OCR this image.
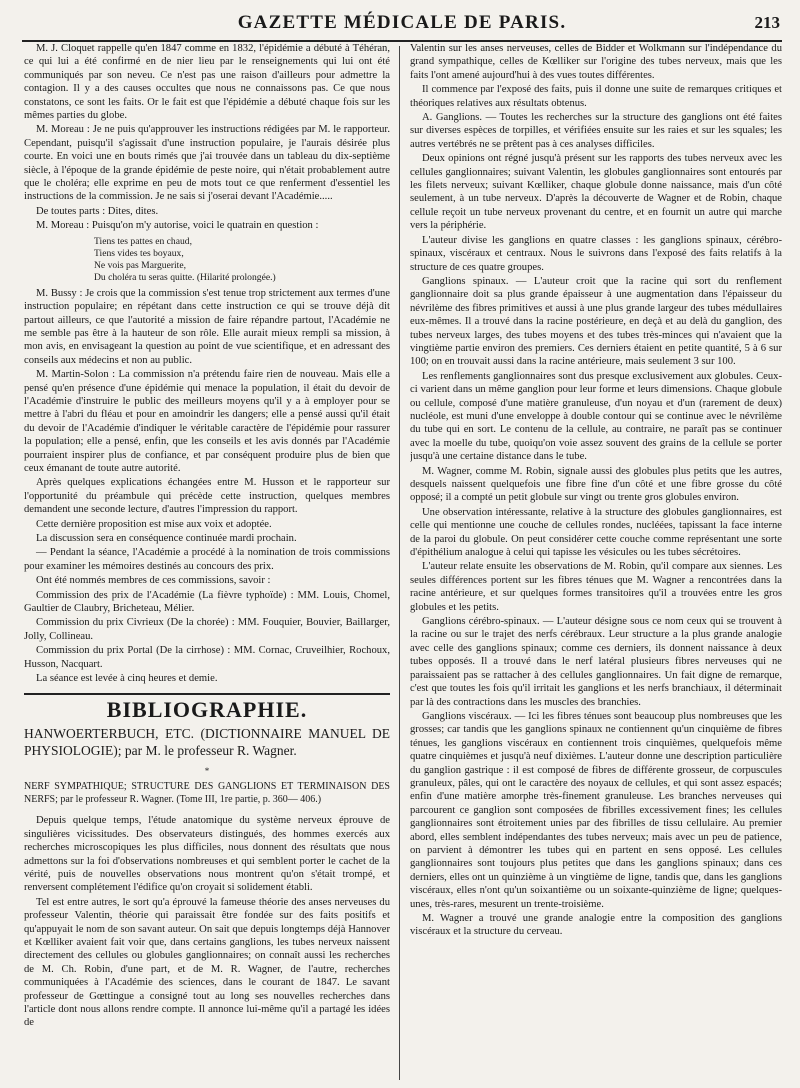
GAZETTE MÉDICALE DE PARIS.	213

M. J. Cloquet rappelle qu'en 1847 comme en 1832, l'épidémie a débuté à Téhéran, ce qui lui a été confirmé en de nier lieu par le renseignements qui lui ont été communiqués par son neveu. Ce n'est pas une raison d'ailleurs pour admettre la contagion. Il y a des causes occultes que nous ne connaissons pas. Ce que nous constatons, ce sont les faits. Or le fait est que l'épidémie a débuté chaque fois sur les mêmes parties du globe.

M. Moreau : Je ne puis qu'approuver les instructions rédigées par M. le rapporteur. Cependant, puisqu'il s'agissait d'une instruction populaire, je l'aurais désirée plus courte. En voici une en bouts rimés que j'ai trouvée dans un tableau du dix-septième siècle, à l'époque de la grande épidémie de peste noire, qui n'était probablement autre que le choléra; elle exprime en peu de mots tout ce que renferment d'essentiel les instructions de la commission. Je ne sais si j'oserai devant l'Académie.....

De toutes parts : Dites, dites.

M. Moreau : Puisqu'on m'y autorise, voici le quatrain en question :

Tiens tes pattes en chaud,
Tiens vides tes boyaux,
Ne vois pas Marguerite,
Du choléra tu seras quitte. (Hilarité prolongée.)

M. Bussy : Je crois que la commission s'est tenue trop strictement aux termes d'une instruction populaire; en répétant dans cette instruction ce qui se trouve déjà dit partout ailleurs, ce que l'autorité a mission de faire répandre partout, l'Académie ne me semble pas être à la hauteur de son rôle. Elle aurait mieux rempli sa mission, à mon avis, en envisageant la question au point de vue scientifique, et en adressant des conseils aux médecins et non au public.

M. Martin-Solon : La commission n'a prétendu faire rien de nouveau. Mais elle a pensé qu'en présence d'une épidémie qui menace la population, il était du devoir de l'Académie d'instruire le public des meilleurs moyens qu'il y a à employer pour se mettre à l'abri du fléau et pour en amoindrir les dangers; elle a pensé aussi qu'il était du devoir de l'Académie d'indiquer le véritable caractère de l'épidémie pour rassurer la population; elle a pensé, enfin, que les conseils et les avis donnés par l'Académie pourraient inspirer plus de confiance, et par conséquent produire plus de bien que ceux émanant de toute autre autorité.

Après quelques explications échangées entre M. Husson et le rapporteur sur l'opportunité du préambule qui précède cette instruction, quelques membres demandent une seconde lecture, d'autres l'impression du rapport.

Cette dernière proposition est mise aux voix et adoptée.

La discussion sera en conséquence continuée mardi prochain.

— Pendant la séance, l'Académie a procédé à la nomination de trois commissions pour examiner les mémoires destinés au concours des prix.

Ont été nommés membres de ces commissions, savoir :

Commission des prix de l'Académie (La fièvre typhoïde) : MM. Louis, Chomel, Gaultier de Claubry, Bricheteau, Mélier.

Commission du prix Civrieux (De la chorée) : MM. Fouquier, Bouvier, Baillarger, Jolly, Collineau.

Commission du prix Portal (De la cirrhose) : MM. Cornac, Cruveilhier, Rochoux, Husson, Nacquart.

La séance est levée à cinq heures et demie.

BIBLIOGRAPHIE.

HANWOERTERBUCH, ETC. (DICTIONNAIRE MANUEL DE PHYSIOLOGIE); par M. le professeur R. Wagner.

*

NERF SYMPATHIQUE; STRUCTURE DES GANGLIONS ET TERMINAISON DES NERFS; par le professeur R. Wagner. (Tome III, 1re partie, p. 360— 406.)

Depuis quelque temps, l'étude anatomique du système nerveux éprouve de singulières vicissitudes. Des observateurs distingués, des hommes exercés aux recherches microscopiques les plus difficiles, nous donnent des résultats que nous admettons sur la foi d'observations nombreuses et qui semblent porter le cachet de la vérité, puis de nouvelles observations nous montrent qu'on s'était trompé, et renversent complétement l'édifice qu'on croyait si solidement établi.

Tel est entre autres, le sort qu'a éprouvé la fameuse théorie des anses nerveuses du professeur Valentin, théorie qui paraissait être fondée sur des faits positifs et qu'appuyait le nom de son savant auteur. On sait que depuis longtemps déjà Hannover et Kœlliker avaient fait voir que, dans certains ganglions, les tubes nerveux naissent directement des cellules ou globules ganglionnaires; on connaît aussi les recherches de M. Ch. Robin, d'une part, et de M. R. Wagner, de l'autre, recherches communiquées à l'Académie des sciences, dans le courant de 1847. Le savant professeur de Gœttingue a consigné tout au long ses nouvelles recherches dans l'article dont nous allons rendre compte. Il annonce lui-même qu'il a partagé les idées de

Valentin sur les anses nerveuses, celles de Bidder et Wolkmann sur l'indépendance du grand sympathique, celles de Kœlliker sur l'origine des tubes nerveux, mais que les faits l'ont amené aujourd'hui à des vues toutes différentes.

Il commence par l'exposé des faits, puis il donne une suite de remarques critiques et théoriques relatives aux résultats obtenus.

A. Ganglions. — Toutes les recherches sur la structure des ganglions ont été faites sur diverses espèces de torpilles, et vérifiées ensuite sur les raies et sur les squales; les autres vertébrés ne se prêtent pas à ces analyses difficiles.

Deux opinions ont régné jusqu'à présent sur les rapports des tubes nerveux avec les cellules ganglionnaires; suivant Valentin, les globules ganglionnaires sont entourés par les filets nerveux; suivant Kœlliker, chaque globule donne naissance, mais d'un côté seulement, à un tube nerveux. D'après la découverte de Wagner et de Robin, chaque cellule reçoit un tube nerveux provenant du centre, et en fournit un autre qui marche vers la périphérie.

L'auteur divise les ganglions en quatre classes : les ganglions spinaux, cérébro-spinaux, viscéraux et centraux. Nous le suivrons dans l'exposé des faits relatifs à la structure de ces quatre groupes.

Ganglions spinaux. — L'auteur croit que la racine qui sort du renflement ganglionnaire doit sa plus grande épaisseur à une augmentation dans l'épaisseur du névrilème des fibres primitives et aussi à une plus grande largeur des tubes médullaires eux-mêmes. Il a trouvé dans la racine postérieure, en deçà et au delà du ganglion, des tubes nerveux larges, des tubes moyens et des tubes très-minces qui n'avaient que la vingtième partie environ des premiers. Ces derniers étaient en petite quantité, 5 à 6 sur 100; on en trouvait aussi dans la racine antérieure, mais seulement 3 sur 100.

Les renflements ganglionnaires sont dus presque exclusivement aux globules. Ceux-ci varient dans un même ganglion pour leur forme et leurs dimensions. Chaque globule ou cellule, composé d'une matière granuleuse, d'un noyau et d'un (rarement de deux) nucléole, est muni d'une enveloppe à double contour qui se continue avec le névrilème du tube qui en sort. Le contenu de la cellule, au contraire, ne paraît pas se continuer avec la moelle du tube, quoiqu'on voie assez souvent des grains de la cellule se porter jusqu'à une certaine distance dans le tube.

M. Wagner, comme M. Robin, signale aussi des globules plus petits que les autres, desquels naissent quelquefois une fibre fine d'un côté et une fibre grosse du côté opposé; il a compté un petit globule sur vingt ou trente gros globules environ.

Une observation intéressante, relative à la structure des globules ganglionnaires, est celle qui mentionne une couche de cellules rondes, nucléées, tapissant la face interne de la paroi du globule. On peut considérer cette couche comme représentant une sorte d'épithélium analogue à celui qui tapisse les vésicules ou les tubes sécrétoires.

L'auteur relate ensuite les observations de M. Robin, qu'il compare aux siennes. Les seules différences portent sur les fibres ténues que M. Wagner a rencontrées dans la racine antérieure, et sur quelques formes transitoires qu'il a trouvées entre les gros globules et les petits.

Ganglions cérébro-spinaux. — L'auteur désigne sous ce nom ceux qui se trouvent à la racine ou sur le trajet des nerfs cérébraux. Leur structure a la plus grande analogie avec celle des ganglions spinaux; comme ces derniers, ils donnent naissance à deux tubes opposés. Il a trouvé dans le nerf latéral plusieurs fibres nerveuses qui ne paraissaient pas se rattacher à des cellules ganglionnaires. Un fait digne de remarque, c'est que toutes les fois qu'il irritait les ganglions et les nerfs branchiaux, il déterminait par là des contractions dans les muscles des branchies.

Ganglions viscéraux. — Ici les fibres ténues sont beaucoup plus nombreuses que les grosses; car tandis que les ganglions spinaux ne contiennent qu'un cinquième de fibres ténues, les ganglions viscéraux en contiennent trois cinquièmes, quelquefois même quatre cinquièmes et jusqu'à neuf dixièmes. L'auteur donne une description particulière du ganglion gastrique : il est composé de fibres de différente grosseur, de corpuscules granuleux, pâles, qui ont le caractère des noyaux de cellules, et qui sont assez espacés; enfin d'une matière amorphe très-finement granuleuse. Les branches nerveuses qui parcourent ce ganglion sont composées de fibrilles excessivement fines; les cellules ganglionnaires sont étroitement unies par des fibrilles de tissu cellulaire. Au premier abord, elles semblent indépendantes des tubes nerveux; mais avec un peu de patience, on parvient à démontrer les tubes qui en partent en sens opposé. Les cellules ganglionnaires sont toujours plus petites que dans les ganglions spinaux; dans ces derniers, elles ont un quinzième à un vingtième de ligne, tandis que, dans les ganglions viscéraux, elles n'ont qu'un soixantième ou un soixante-quinzième de ligne; quelques-unes, très-rares, mesurent un trente-troisième.

M. Wagner a trouvé une grande analogie entre la composition des ganglions viscéraux et la structure du cerveau.
